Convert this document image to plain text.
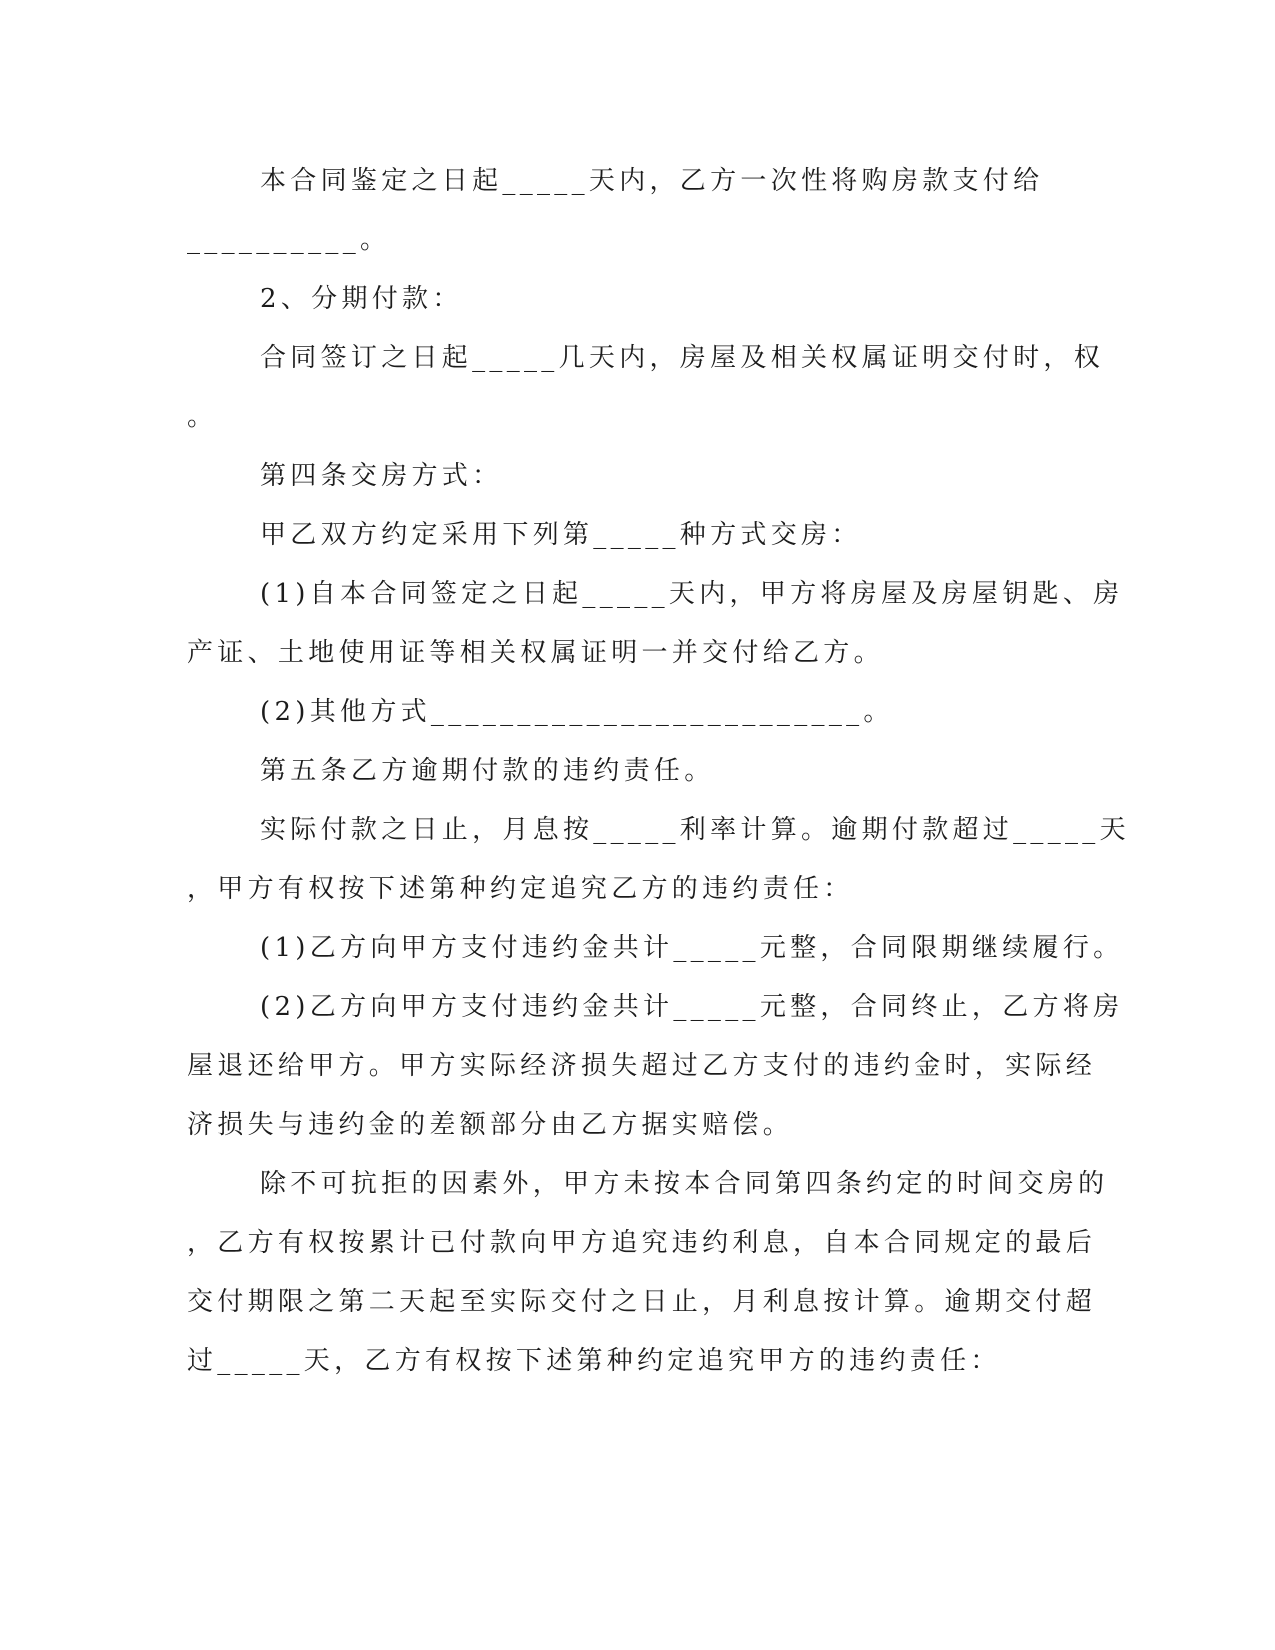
本合同鉴定之日起_____天内，乙方一次性将购房款支付给
__________。
2、分期付款：
合同签订之日起_____几天内，房屋及相关权属证明交付时，权
。
第四条交房方式：
甲乙双方约定采用下列第_____种方式交房：
(1)自本合同签定之日起_____天内，甲方将房屋及房屋钥匙、房
产证、土地使用证等相关权属证明一并交付给乙方。
(2)其他方式_________________________。
第五条乙方逾期付款的违约责任。
实际付款之日止，月息按_____利率计算。逾期付款超过_____天
，甲方有权按下述第种约定追究乙方的违约责任：
(1)乙方向甲方支付违约金共计_____元整，合同限期继续履行。
(2)乙方向甲方支付违约金共计_____元整，合同终止，乙方将房
屋退还给甲方。甲方实际经济损失超过乙方支付的违约金时，实际经
济损失与违约金的差额部分由乙方据实赔偿。
除不可抗拒的因素外，甲方未按本合同第四条约定的时间交房的
，乙方有权按累计已付款向甲方追究违约利息，自本合同规定的最后
交付期限之第二天起至实际交付之日止，月利息按计算。逾期交付超
过_____天，乙方有权按下述第种约定追究甲方的违约责任：
